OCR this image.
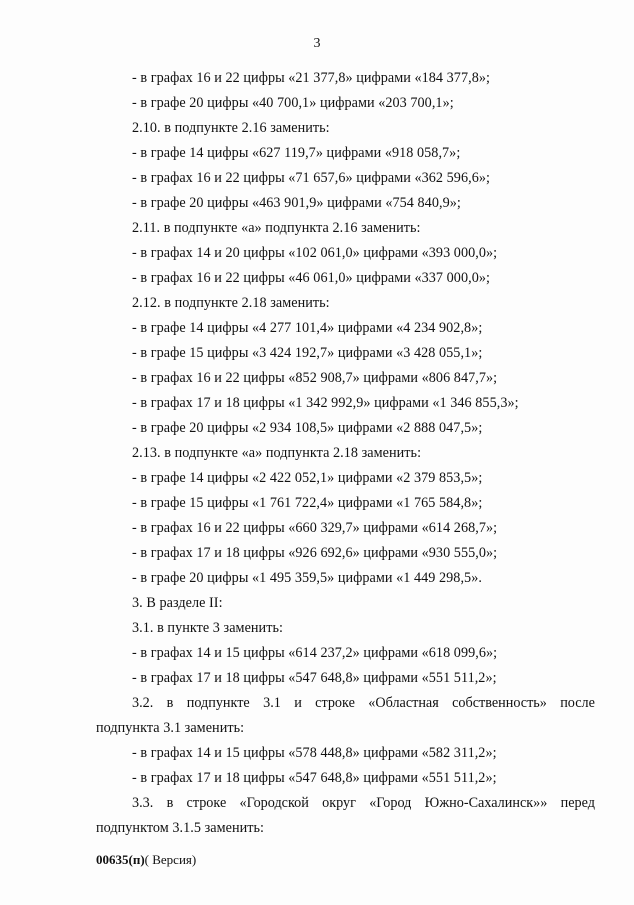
3
- в графах 16 и 22 цифры «21 377,8» цифрами «184 377,8»;
- в графе 20 цифры «40 700,1» цифрами «203 700,1»;
2.10. в подпункте 2.16 заменить:
- в графе 14 цифры «627 119,7» цифрами «918 058,7»;
- в графах 16 и 22 цифры «71 657,6» цифрами «362 596,6»;
- в графе 20 цифры «463 901,9» цифрами «754 840,9»;
2.11. в подпункте «а» подпункта 2.16 заменить:
- в графах 14 и 20 цифры «102 061,0» цифрами «393 000,0»;
- в графах 16 и 22 цифры «46 061,0» цифрами «337 000,0»;
2.12. в подпункте 2.18 заменить:
- в графе 14 цифры «4 277 101,4» цифрами «4 234 902,8»;
- в графе 15 цифры «3 424 192,7» цифрами «3 428 055,1»;
- в графах 16 и 22 цифры «852 908,7» цифрами «806 847,7»;
- в графах 17 и 18 цифры «1 342 992,9» цифрами «1 346 855,3»;
- в графе 20 цифры «2 934 108,5» цифрами «2 888 047,5»;
2.13. в подпункте «а» подпункта 2.18 заменить:
- в графе 14 цифры «2 422 052,1» цифрами «2 379 853,5»;
- в графе 15 цифры «1 761 722,4» цифрами «1 765 584,8»;
- в графах 16 и 22 цифры «660 329,7» цифрами «614 268,7»;
- в графах 17 и 18 цифры «926 692,6» цифрами «930 555,0»;
- в графе 20 цифры «1 495 359,5» цифрами «1 449 298,5».
3. В разделе II:
3.1. в пункте 3 заменить:
- в графах 14 и 15 цифры «614 237,2» цифрами «618 099,6»;
- в графах 17 и 18 цифры «547 648,8» цифрами «551 511,2»;
3.2. в подпункте 3.1 и строке «Областная собственность» после
подпункта 3.1 заменить:
- в графах 14 и 15 цифры «578 448,8» цифрами «582 311,2»;
- в графах 17 и 18 цифры «547 648,8» цифрами «551 511,2»;
3.3. в строке «Городской округ «Город Южно-Сахалинск»» перед
подпунктом 3.1.5 заменить:
00635(п)( Версия)
